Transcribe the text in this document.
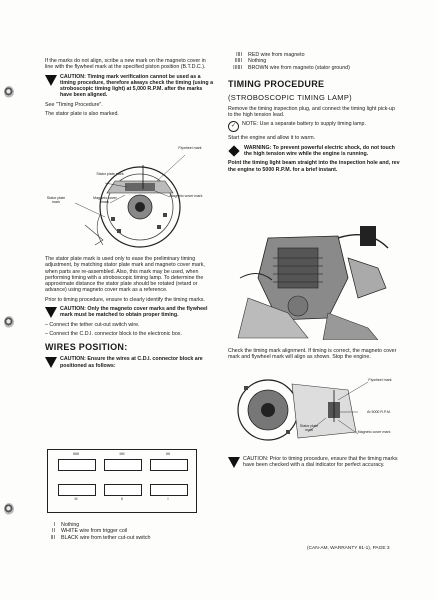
If the marks do not align, scribe a new mark on the magneto cover in line with the flywheel mark at the specified piston position (B.T.D.C.).

CAUTION: Timing mark verification cannot be used as a timing procedure, therefore always check the timing (using a stroboscopic timing light) at 5,000 R.P.M. after the marks have been aligned.

See "Timing Procedure".

The stator plate is also marked.

Flywheel mark
Stator plate mark
Stator plate mark
Magneto cover mark
Magneto cover mark

The stator plate mark is used only to ease the preliminary timing adjustment, by matching stator plate mark and magneto cover mark, when parts are re-assembled. Also, this mark may be used, when performing timing with a stroboscopic timing lamp. To determine the approximate distance the stator plate should be rotated (retard or advance) using magneto cover mark as a reference.

Prior to timing procedure, ensure to clearly identify the timing marks.

CAUTION: Only the magneto cover marks and the flywheel mark must be matched to obtain proper timing.

– Connect the tether cut-out switch wire.

– Connect the C.D.I. connector block to the electronic box.

WIRES POSITION:
CAUTION: Ensure the wires at C.D.I. connector block are positioned as follows:
IIIIII	IIIII	IIII
III	II	I
I Nothing
II WHITE wire from trigger coil
III BLACK wire from tether cut-out switch
IIII RED wire from magneto
IIIII Nothing
IIIIII BROWN wire from magneto (stator ground)
TIMING PROCEDURE
(STROBOSCOPIC TIMING LAMP)

Remove the timing inspection plug, and connect the timing light pick-up to the high tension lead.

✓	NOTE: Use a separate battery to supply timing lamp.

Start the engine and allow it to warm.

WARNING: To prevent powerful electric shock, do not touch the high tension wire while the engine is running.

Point the timing light beam straight into the inspection hole and, rev the engine to 5000 R.P.M. for a brief instant.

Check the timing mark alignment. If timing is correct, the magneto cover mark and flywheel mark will align as shown. Stop the engine.

Flywheel mark
At 5000 R.P.M.
Stator plate mark	Magneto cover mark
CAUTION: Prior to timing procedure, ensure that the timing marks have been checked with a dial indicator for perfect accuracy.
(CAN-AM, WARRANTY 81-1), PAGE 3
